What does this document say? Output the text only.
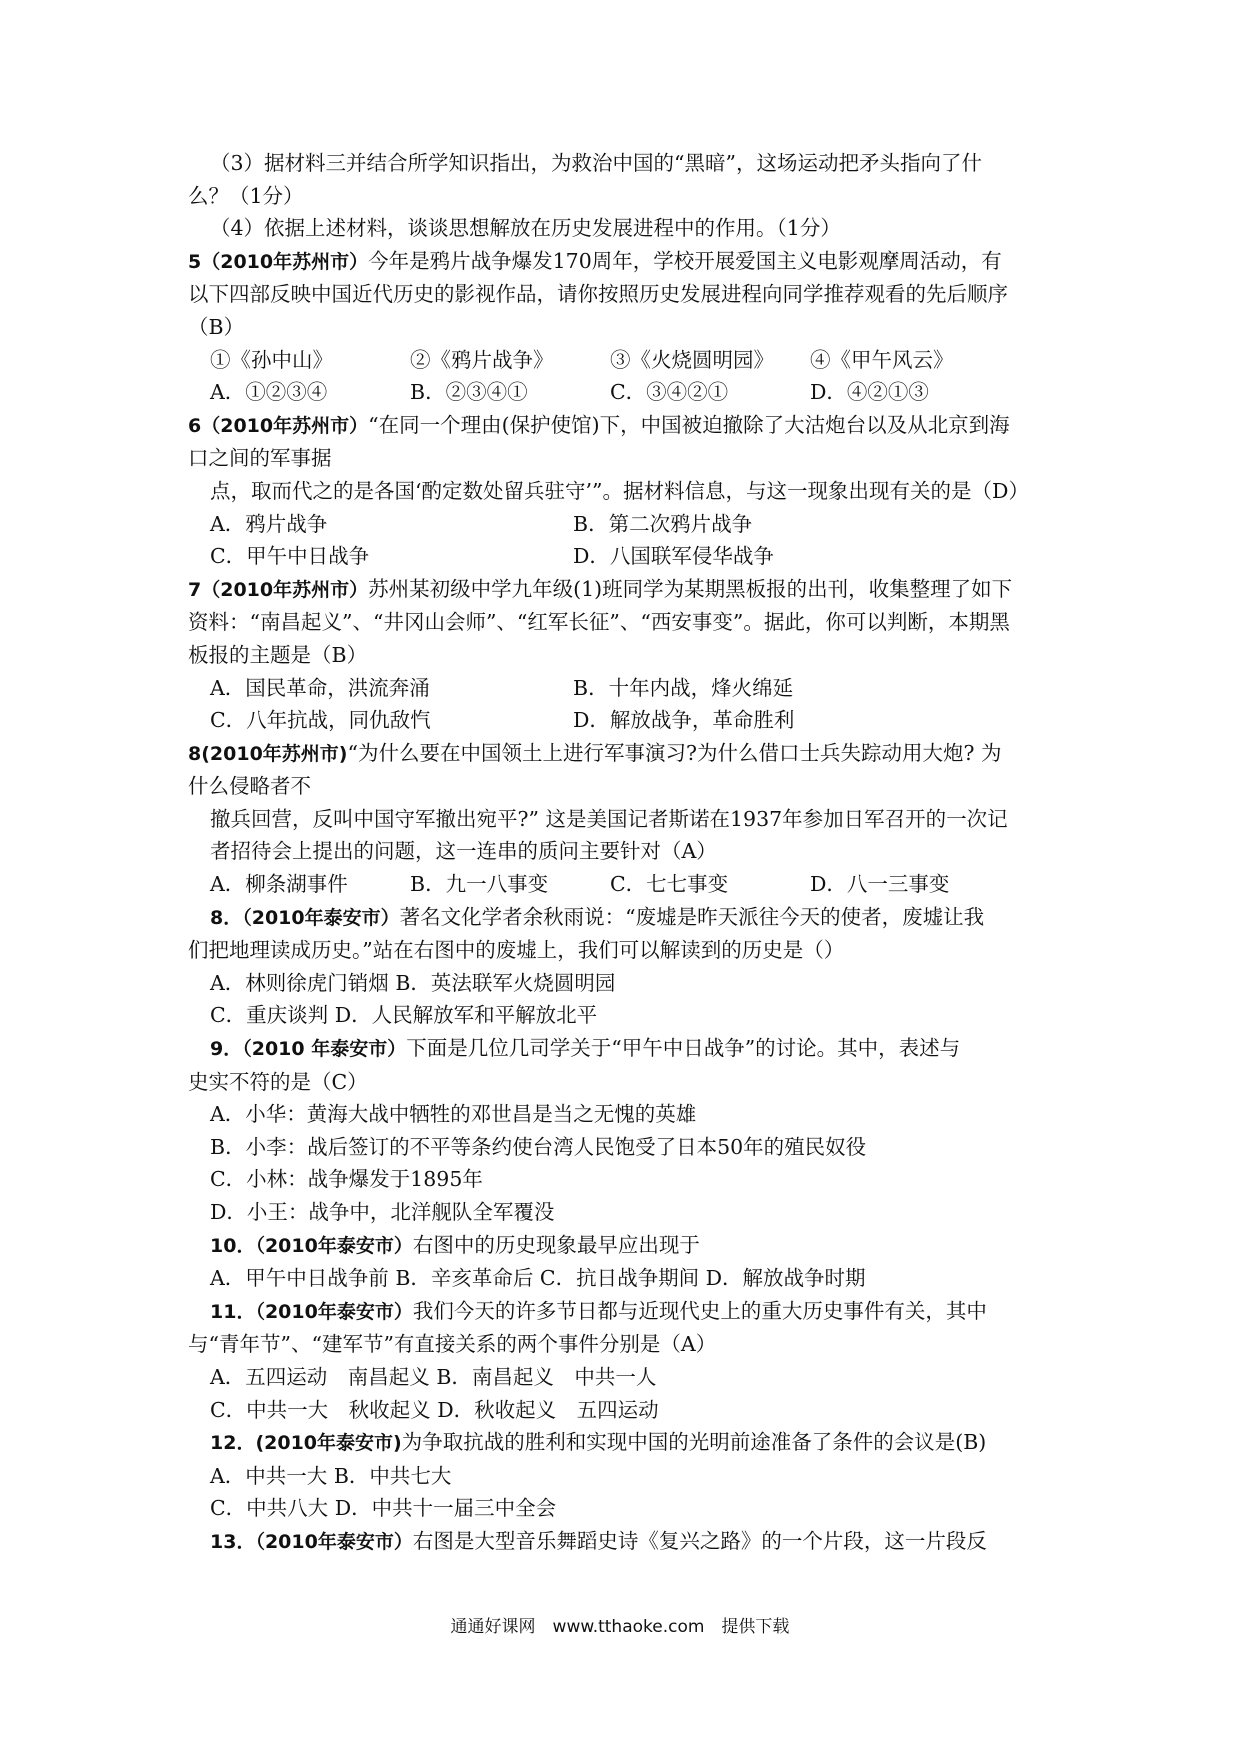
（3）据材料三并结合所学知识指出，为救治中国的“黑暗”，这场运动把矛头指向了什
么？（1分）
（4）依据上述材料，谈谈思想解放在历史发展进程中的作用。（1分）
5（2010年苏州市）今年是鸦片战争爆发170周年，学校开展爱国主义电影观摩周活动，有
以下四部反映中国近代历史的影视作品，请你按照历史发展进程向同学推荐观看的先后顺序
（B）
①《孙中山》	②《鸦片战争》	③《火烧圆明园》	④《甲午风云》
A．①②③④	B．②③④①	C．③④②①	D．④②①③
6（2010年苏州市）“在同一个理由(保护使馆)下，中国被迫撤除了大沽炮台以及从北京到海
口之间的军事据
点，取而代之的是各国‘酌定数处留兵驻守’”。据材料信息，与这一现象出现有关的是（D）
A．鸦片战争	B．第二次鸦片战争
C．甲午中日战争	D．八国联军侵华战争
7（2010年苏州市）苏州某初级中学九年级(1)班同学为某期黑板报的出刊，收集整理了如下
资料：“南昌起义”、“井冈山会师”、“红军长征”、“西安事变”。据此，你可以判断，本期黑
板报的主题是（B）
A．国民革命，洪流奔涌	B．十年内战，烽火绵延
C．八年抗战，同仇敌忾	D．解放战争，革命胜利
8(2010年苏州市)“为什么要在中国领土上进行军事演习?为什么借口士兵失踪动用大炮? 为
什么侵略者不
撤兵回营，反叫中国守军撤出宛平?” 这是美国记者斯诺在1937年参加日军召开的一次记
者招待会上提出的问题，这一连串的质问主要针对（A）
A．柳条湖事件	B．九一八事变	C．七七事变	D．八一三事变
8．（2010年泰安市）著名文化学者余秋雨说：“废墟是昨天派往今天的使者，废墟让我
们把地理读成历史。”站在右图中的废墟上，我们可以解读到的历史是（）
A．林则徐虎门销烟 B．英法联军火烧圆明园
C．重庆谈判 D．人民解放军和平解放北平
9．（2010 年泰安市）下面是几位几司学关于“甲午中日战争”的讨论。其中，表述与
史实不符的是（C）
A．小华：黄海大战中牺牲的邓世昌是当之无愧的英雄
B．小李：战后签订的不平等条约使台湾人民饱受了日本50年的殖民奴役
C．小林：战争爆发于1895年
D．小王：战争中，北洋舰队全军覆没
10．（2010年泰安市）右图中的历史现象最早应出现于
A．甲午中日战争前 B．辛亥革命后 C．抗日战争期间 D．解放战争时期
11．（2010年泰安市）我们今天的许多节日都与近现代史上的重大历史事件有关，其中
与“青年节”、“建军节”有直接关系的两个事件分别是（A）
A．五四运动　南昌起义 B．南昌起义　中共一人
C．中共一大　秋收起义 D．秋收起义　五四运动
12．(2010年泰安市)为争取抗战的胜利和实现中国的光明前途准备了条件的会议是(B)
A．中共一大 B．中共七大
C．中共八大 D．中共十一届三中全会
13．（2010年泰安市）右图是大型音乐舞蹈史诗《复兴之路》的一个片段，这一片段反
通通好课网　www.tthaoke.com　提供下载
